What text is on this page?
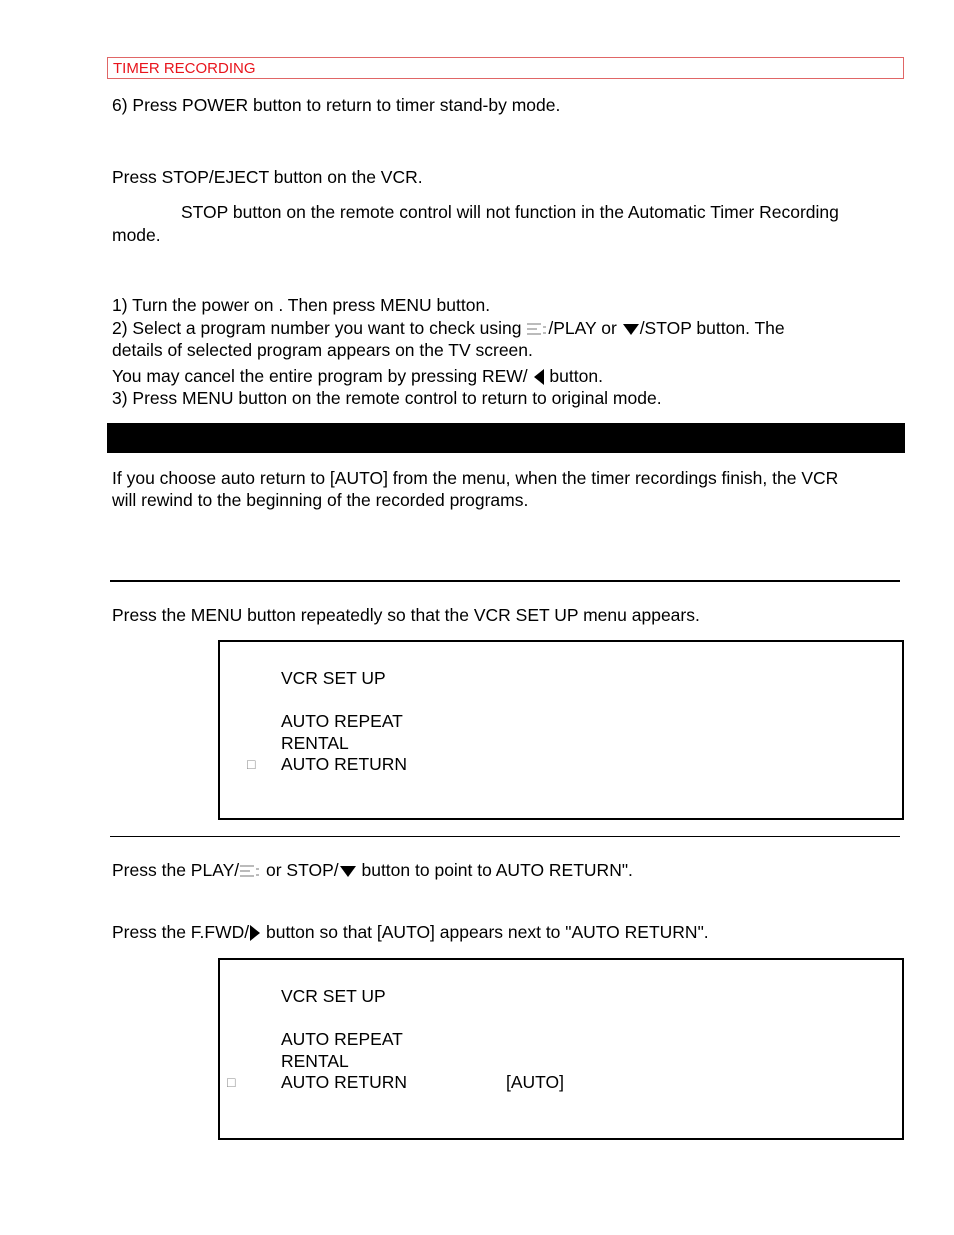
TIMER RECORDING
6) Press POWER button to return to timer stand-by mode.
Press STOP/EJECT button on the VCR.
STOP button on the remote control will not function in the Automatic Timer Recording
mode.
1) Turn the power on . Then press MENU button.
2) Select a program number you want to check using /PLAY or /STOP button. The
details of selected program appears on the TV screen.
You may cancel the entire program by pressing REW/ button.
3) Press MENU button on the remote control to return to original mode.
If you choose auto return to [AUTO] from the menu, when the timer recordings finish, the VCR
will rewind to the beginning of the recorded programs.
Press the MENU button repeatedly so that the VCR SET UP menu appears.
VCR SET UP
AUTO REPEAT
RENTAL
□ AUTO RETURN
Press the PLAY/ or STOP/ button to point to AUTO RETURN".
Press the F.FWD/ button so that [AUTO] appears next to "AUTO RETURN".
VCR SET UP
AUTO REPEAT
RENTAL
□	AUTO RETURN	[AUTO]
